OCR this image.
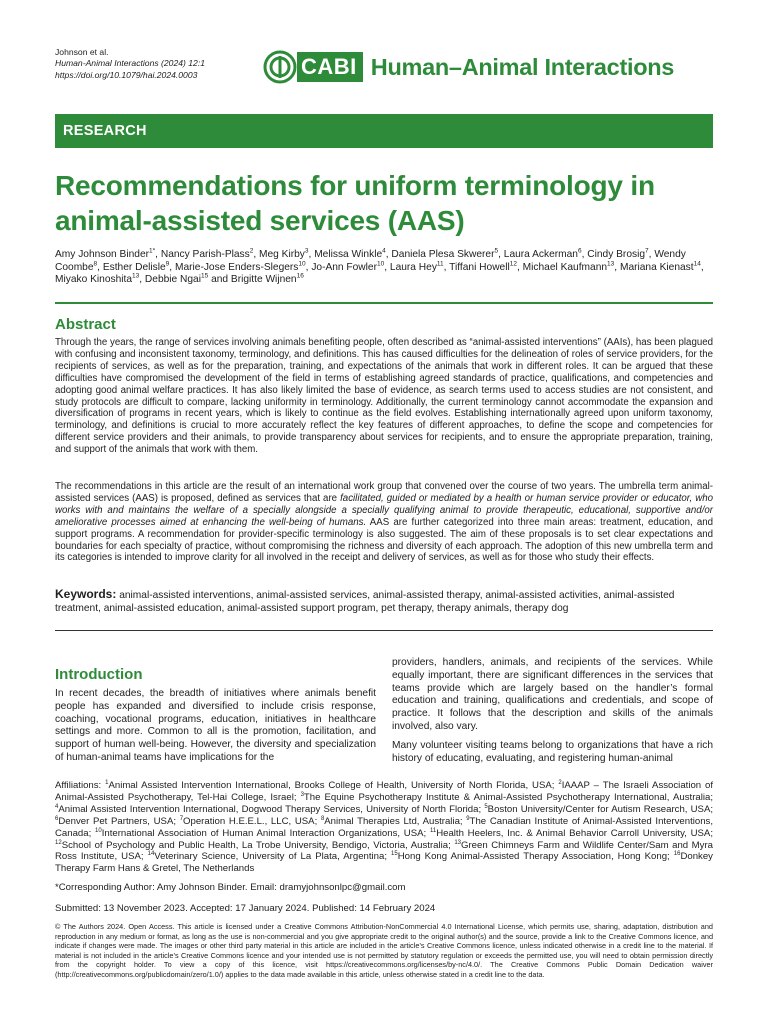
Johnson et al.
Human-Animal Interactions (2024) 12:1
https://doi.org/10.1079/hai.2024.0003	CABI Human–Animal Interactions
RESEARCH
Recommendations for uniform terminology in animal-assisted services (AAS)
Amy Johnson Binder$^{1*}$, Nancy Parish-Plass$^2$, Meg Kirby$^3$, Melissa Winkle$^4$, Daniela Plesa Skwerer$^5$, Laura Ackerman$^6$, Cindy Brosig$^7$, Wendy Coombe$^8$, Esther Delisle$^9$, Marie-Jose Enders-Slegers$^{10}$, Jo-Ann Fowler$^{10}$, Laura Hey$^{11}$, Tiffani Howell$^{12}$, Michael Kaufmann$^{13}$, Mariana Kienast$^{14}$, Miyako Kinoshita$^{13}$, Debbie Ngai$^{15}$ and Brigitte Wijnen$^{16}$
Abstract
Through the years, the range of services involving animals benefiting people, often described as “animal-assisted interventions” (AAIs), has been plagued with confusing and inconsistent taxonomy, terminology, and definitions. This has caused difficulties for the delineation of roles of service providers, for the recipients of services, as well as for the preparation, training, and expectations of the animals that work in different roles. It can be argued that these difficulties have compromised the development of the field in terms of establishing agreed standards of practice, qualifications, and competencies and adopting good animal welfare practices. It has also likely limited the base of evidence, as search terms used to access studies are not consistent, and study protocols are difficult to compare, lacking uniformity in terminology. Additionally, the current terminology cannot accommodate the expansion and diversification of programs in recent years, which is likely to continue as the field evolves. Establishing internationally agreed upon uniform taxonomy, terminology, and definitions is crucial to more accurately reflect the key features of different approaches, to define the scope and competencies for different service providers and their animals, to provide transparency about services for recipients, and to ensure the appropriate preparation, training, and support of the animals that work with them.
The recommendations in this article are the result of an international work group that convened over the course of two years. The umbrella term animal-assisted services (AAS) is proposed, defined as services that are facilitated, guided or mediated by a health or human service provider or educator, who works with and maintains the welfare of a specially alongside a specially qualifying animal to provide therapeutic, educational, supportive and/or ameliorative processes aimed at enhancing the well-being of humans. AAS are further categorized into three main areas: treatment, education, and support programs. A recommendation for provider-specific terminology is also suggested. The aim of these proposals is to set clear expectations and boundaries for each specialty of practice, without compromising the richness and diversity of each approach. The adoption of this new umbrella term and its categories is intended to improve clarity for all involved in the receipt and delivery of services, as well as for those who study their effects.
Keywords: animal-assisted interventions, animal-assisted services, animal-assisted therapy, animal-assisted activities, animal-assisted treatment, animal-assisted education, animal-assisted support program, pet therapy, therapy animals, therapy dog
Introduction
In recent decades, the breadth of initiatives where animals benefit people has expanded and diversified to include crisis response, coaching, vocational programs, education, initiatives in healthcare settings and more. Common to all is the promotion, facilitation, and support of human well-being. However, the diversity and specialization of human-animal teams have implications for the

providers, handlers, animals, and recipients of the services. While equally important, there are significant differences in the services that teams provide which are largely based on the handler’s formal education and training, qualifications and credentials, and scope of practice. It follows that the description and skills of the animals involved, also vary.

Many volunteer visiting teams belong to organizations that have a rich history of educating, evaluating, and registering human-animal

Affiliations: $^1$Animal Assisted Intervention International, Brooks College of Health, University of North Florida, USA; $^2$IAAAP – The Israeli Association of Animal-Assisted Psychotherapy, Tel-Hai College, Israel; $^3$The Equine Psychotherapy Institute & Animal-Assisted Psychotherapy International, Australia; $^4$Animal Assisted Intervention International, Dogwood Therapy Services, University of North Florida; $^5$Boston University/Center for Autism Research, USA; $^6$Denver Pet Partners, USA; $^7$Operation H.E.E.L., LLC, USA; $^8$Animal Therapies Ltd, Australia; $^9$The Canadian Institute of Animal-Assisted Interventions, Canada; $^{10}$International Association of Human Animal Interaction Organizations, USA; $^{11}$Health Heelers, Inc. & Animal Behavior Carroll University, USA; $^{12}$School of Psychology and Public Health, La Trobe University, Bendigo, Victoria, Australia; $^{13}$Green Chimneys Farm and Wildlife Center/Sam and Myra Ross Institute, USA; $^{14}$Veterinary Science, University of La Plata, Argentina; $^{15}$Hong Kong Animal-Assisted Therapy Association, Hong Kong; $^{16}$Donkey Therapy Farm Hans & Gretel, The Netherlands
*Corresponding Author: Amy Johnson Binder. Email: dramyjohnsonlpc@gmail.com
Submitted: 13 November 2023. Accepted: 17 January 2024. Published: 14 February 2024
© The Authors 2024. Open Access. This article is licensed under a Creative Commons Attribution-NonCommercial 4.0 International License, which permits use, sharing, adaptation, distribution and reproduction in any medium or format, as long as the use is non-commercial and you give appropriate credit to the original author(s) and the source, provide a link to the Creative Commons licence, and indicate if changes were made. The images or other third party material in this article are included in the article’s Creative Commons licence, unless indicated otherwise in a credit line to the material. If material is not included in the article’s Creative Commons licence and your intended use is not permitted by statutory regulation or exceeds the permitted use, you will need to obtain permission directly from the copyright holder. To view a copy of this licence, visit https://creativecommons.org/licenses/by-nc/4.0/. The Creative Commons Public Domain Dedication waiver (http://creativecommons.org/publicdomain/zero/1.0/) applies to the data made available in this article, unless otherwise stated in a credit line to the data.
